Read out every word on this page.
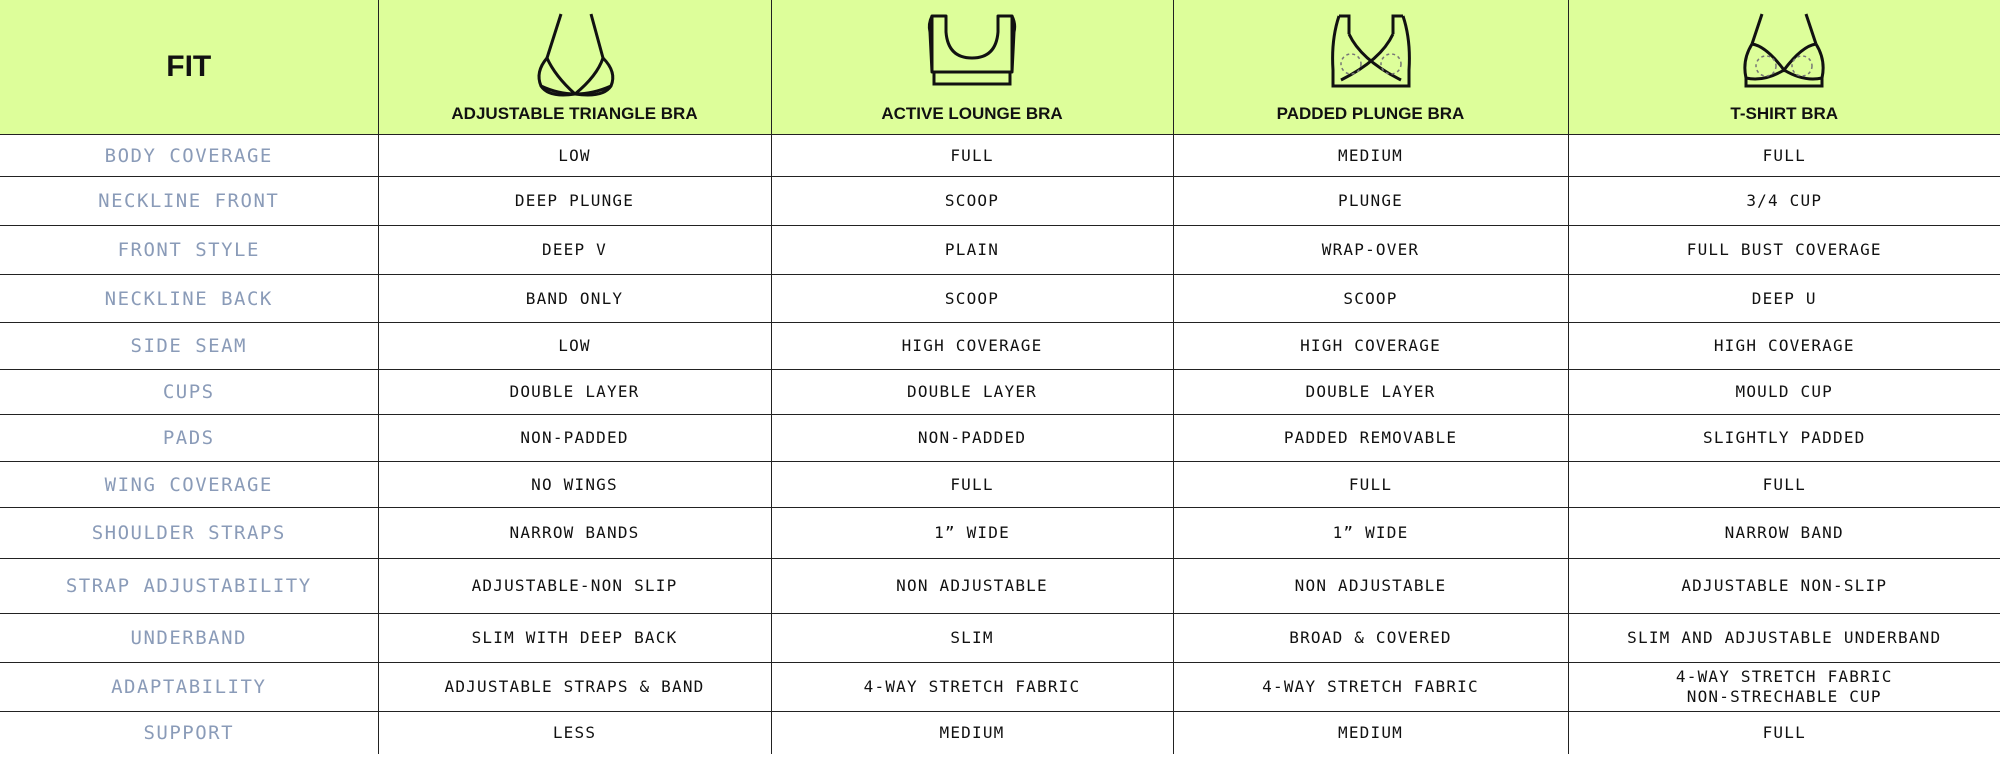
FIT	ADJUSTABLE TRIANGLE BRA	ACTIVE LOUNGE BRA	PADDED PLUNGE BRA	T-SHIRT BRA

BODY COVERAGE	LOW	FULL	MEDIUM	FULL
NECKLINE FRONT	DEEP PLUNGE	SCOOP	PLUNGE	3/4 CUP
FRONT STYLE	DEEP V	PLAIN	WRAP-OVER	FULL BUST COVERAGE
NECKLINE BACK	BAND ONLY	SCOOP	SCOOP	DEEP U
SIDE SEAM	LOW	HIGH COVERAGE	HIGH COVERAGE	HIGH COVERAGE
CUPS	DOUBLE LAYER	DOUBLE LAYER	DOUBLE LAYER	MOULD CUP
PADS	NON-PADDED	NON-PADDED	PADDED REMOVABLE	SLIGHTLY PADDED
WING COVERAGE	NO WINGS	FULL	FULL	FULL
SHOULDER STRAPS	NARROW BANDS	1” WIDE	1” WIDE	NARROW BAND
STRAP ADJUSTABILITY	ADJUSTABLE-NON SLIP	NON ADJUSTABLE	NON ADJUSTABLE	ADJUSTABLE NON-SLIP
UNDERBAND	SLIM WITH DEEP BACK	SLIM	BROAD & COVERED	SLIM AND ADJUSTABLE UNDERBAND
ADAPTABILITY	ADJUSTABLE STRAPS & BAND	4-WAY STRETCH FABRIC	4-WAY STRETCH FABRIC	4-WAY STRETCH FABRIC
NON-STRECHABLE CUP

SUPPORT	LESS	MEDIUM	MEDIUM	FULL
